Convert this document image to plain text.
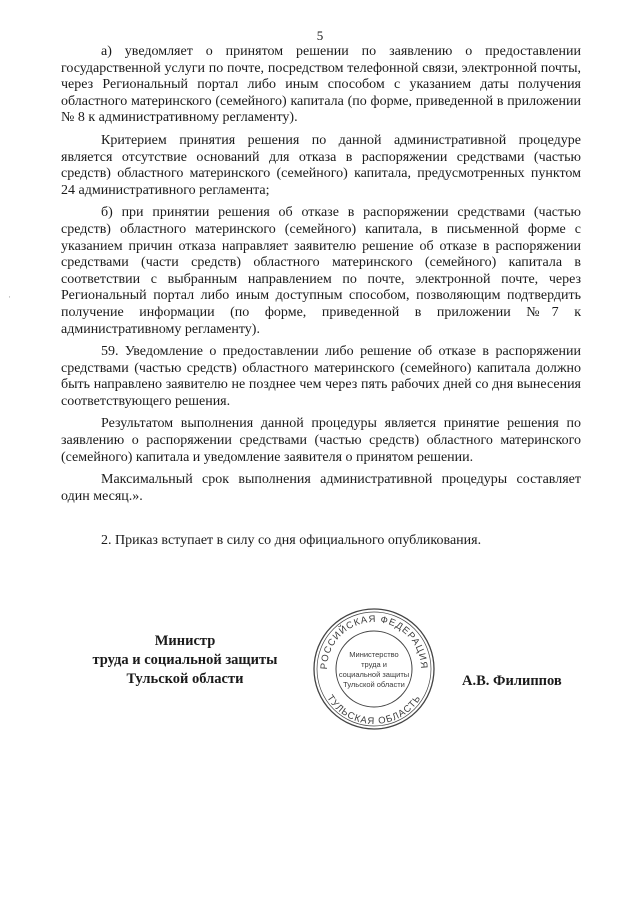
5
·

а) уведомляет о принятом решении по заявлению о предоставлении государственной услуги по почте, посредством телефонной связи, электронной почты, через Региональный портал либо иным способом с указанием даты получения областного материнского (семейного) капитала (по форме, приведенной в приложении № 8 к административному регламенту).

Критерием принятия решения по данной административной процедуре является отсутствие оснований для отказа в распоряжении средствами (частью средств) областного материнского (семейного) капитала, предусмотренных пунктом 24 административного регламента;

б) при принятии решения об отказе в распоряжении средствами (частью средств) областного материнского (семейного) капитала, в письменной форме с указанием причин отказа направляет заявителю решение об отказе в распоряжении средствами (части средств) областного материнского (семейного) капитала в соответствии с выбранным направлением по почте, электронной почте, через Региональный портал либо иным доступным способом, позволяющим подтвердить получение информации (по форме, приведенной в приложении №7 к административному регламенту).

59. Уведомление о предоставлении либо решение об отказе в распоряжении средствами (частью средств) областного материнского (семейного) капитала должно быть направлено заявителю не позднее чем через пять рабочих дней со дня вынесения соответствующего решения.

Результатом выполнения данной процедуры является принятие решения по заявлению о распоряжении средствами (частью средств) областного материнского (семейного) капитала и уведомление заявителя о принятом решении.

Максимальный срок выполнения административной процедуры составляет один месяц.».

2. Приказ вступает в силу со дня официального опубликования.

Министр
труда и социальной защиты
Тульской области
РОССИЙСКАЯ ФЕДЕРАЦИЯ
ТУЛЬСКАЯ ОБЛАСТЬ
Министерство
труда и
социальной защиты
Тульской области	А.В. Филиппов
